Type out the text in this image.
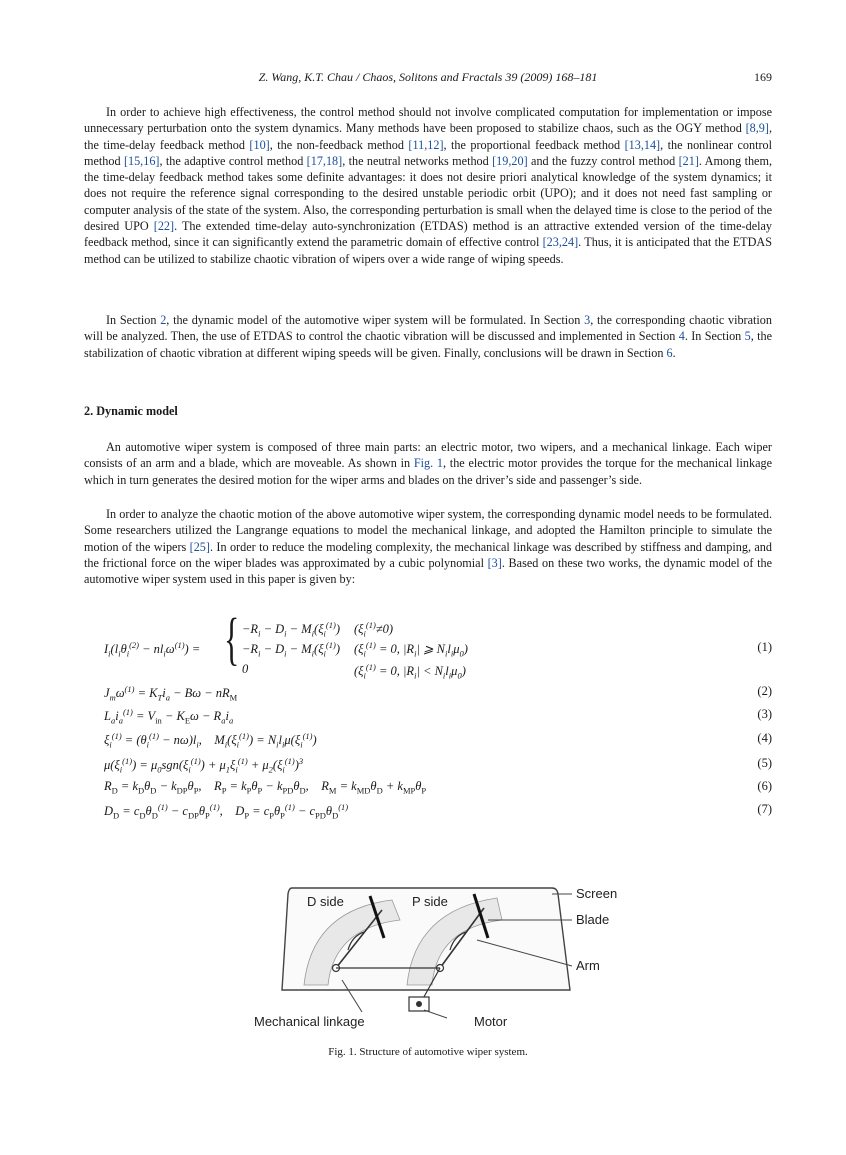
Z. Wang, K.T. Chau / Chaos, Solitons and Fractals 39 (2009) 168–181	169

In order to achieve high effectiveness, the control method should not involve complicated computation for implementation or impose unnecessary perturbation onto the system dynamics. Many methods have been proposed to stabilize chaos, such as the OGY method [8,9], the time-delay feedback method [10], the non-feedback method [11,12], the proportional feedback method [13,14], the nonlinear control method [15,16], the adaptive control method [17,18], the neutral networks method [19,20] and the fuzzy control method [21]. Among them, the time-delay feedback method takes some definite advantages: it does not desire priori analytical knowledge of the system dynamics; it does not require the reference signal corresponding to the desired unstable periodic orbit (UPO); and it does not need fast sampling or computer analysis of the state of the system. Also, the corresponding perturbation is small when the delayed time is close to the period of the desired UPO [22]. The extended time-delay auto-synchronization (ETDAS) method is an attractive extended version of the time-delay feedback method, since it can significantly extend the parametric domain of effective control [23,24]. Thus, it is anticipated that the ETDAS method can be utilized to stabilize chaotic vibration of wipers over a wide range of wiping speeds.

In Section 2, the dynamic model of the automotive wiper system will be formulated. In Section 3, the corresponding chaotic vibration will be analyzed. Then, the use of ETDAS to control the chaotic vibration will be discussed and implemented in Section 4. In Section 5, the stabilization of chaotic vibration at different wiping speeds will be given. Finally, conclusions will be drawn in Section 6.

2. Dynamic model

An automotive wiper system is composed of three main parts: an electric motor, two wipers, and a mechanical linkage. Each wiper consists of an arm and a blade, which are moveable. As shown in Fig. 1, the electric motor provides the torque for the mechanical linkage which in turn generates the desired motion for the wiper arms and blades on the driver’s side and passenger’s side.

In order to analyze the chaotic motion of the above automotive wiper system, the corresponding dynamic model needs to be formulated. Some researchers utilized the Langrange equations to model the mechanical linkage, and adopted the Hamilton principle to simulate the motion of the wipers [25]. In order to reduce the modeling complexity, the mechanical linkage was described by stiffness and damping, and the frictional force on the wiper blades was approximated by a cubic polynomial [3]. Based on these two works, the dynamic model of the automotive wiper system used in this paper is given by:

$I_i(l_i\theta_i^{(2)} - nl_i\omega^{(1)})$ = { $-R_i - D_i - M_i(\xi_i^{(1)})$ $(\xi_i^{(1)}\ne 0)$
$-R_i - D_i - M_i(\xi_i^{(1)}) (\xi_i^{(1)} = 0$, $|R_i|$ ⩾ $N_il_i\mu_0$)
0	($\xi_i^{(1)} = 0$, $|R_i| < N_il_i\mu_0$)
(1)
$J_m\omega^{(1)} = K_Ti_a - B\omega - nR_M$	(2)
$L_ai_a^{(1)} = V_{in} - K_E\omega - R_ai_a$	(3)
$\xi_i^{(1)} = (\theta_i^{(1)} - n\omega)l_i$,    $M_i(\xi_i^{(1)}) = N_il_i\mu(\xi_i^{(1)})$	(4)
$\mu(\xi_i^{(1)}) = \mu_0sgn(\xi_i^{(1)}) + \mu_1\xi_i^{(1)} + \mu_2(\xi_i^{(1)})^3$	(5)
$R_D = k_D\theta_D - k_{DP}\theta_P$,    $R_P = k_P\theta_P - k_{PD}\theta_D$,    $R_M = k_{MD}\theta_D + k_{MP}\theta_P$	(6)
$D_D = c_D\theta_D^{(1)} - c_{DP}\theta_P^{(1)}$,    $D_P = c_P\theta_P^{(1)} - c_{PD}\theta_D^{(1)}$	(7)
D side	P side
Screen
Blade
Arm
Mechanical linkage	Motor
Fig. 1. Structure of automotive wiper system.
